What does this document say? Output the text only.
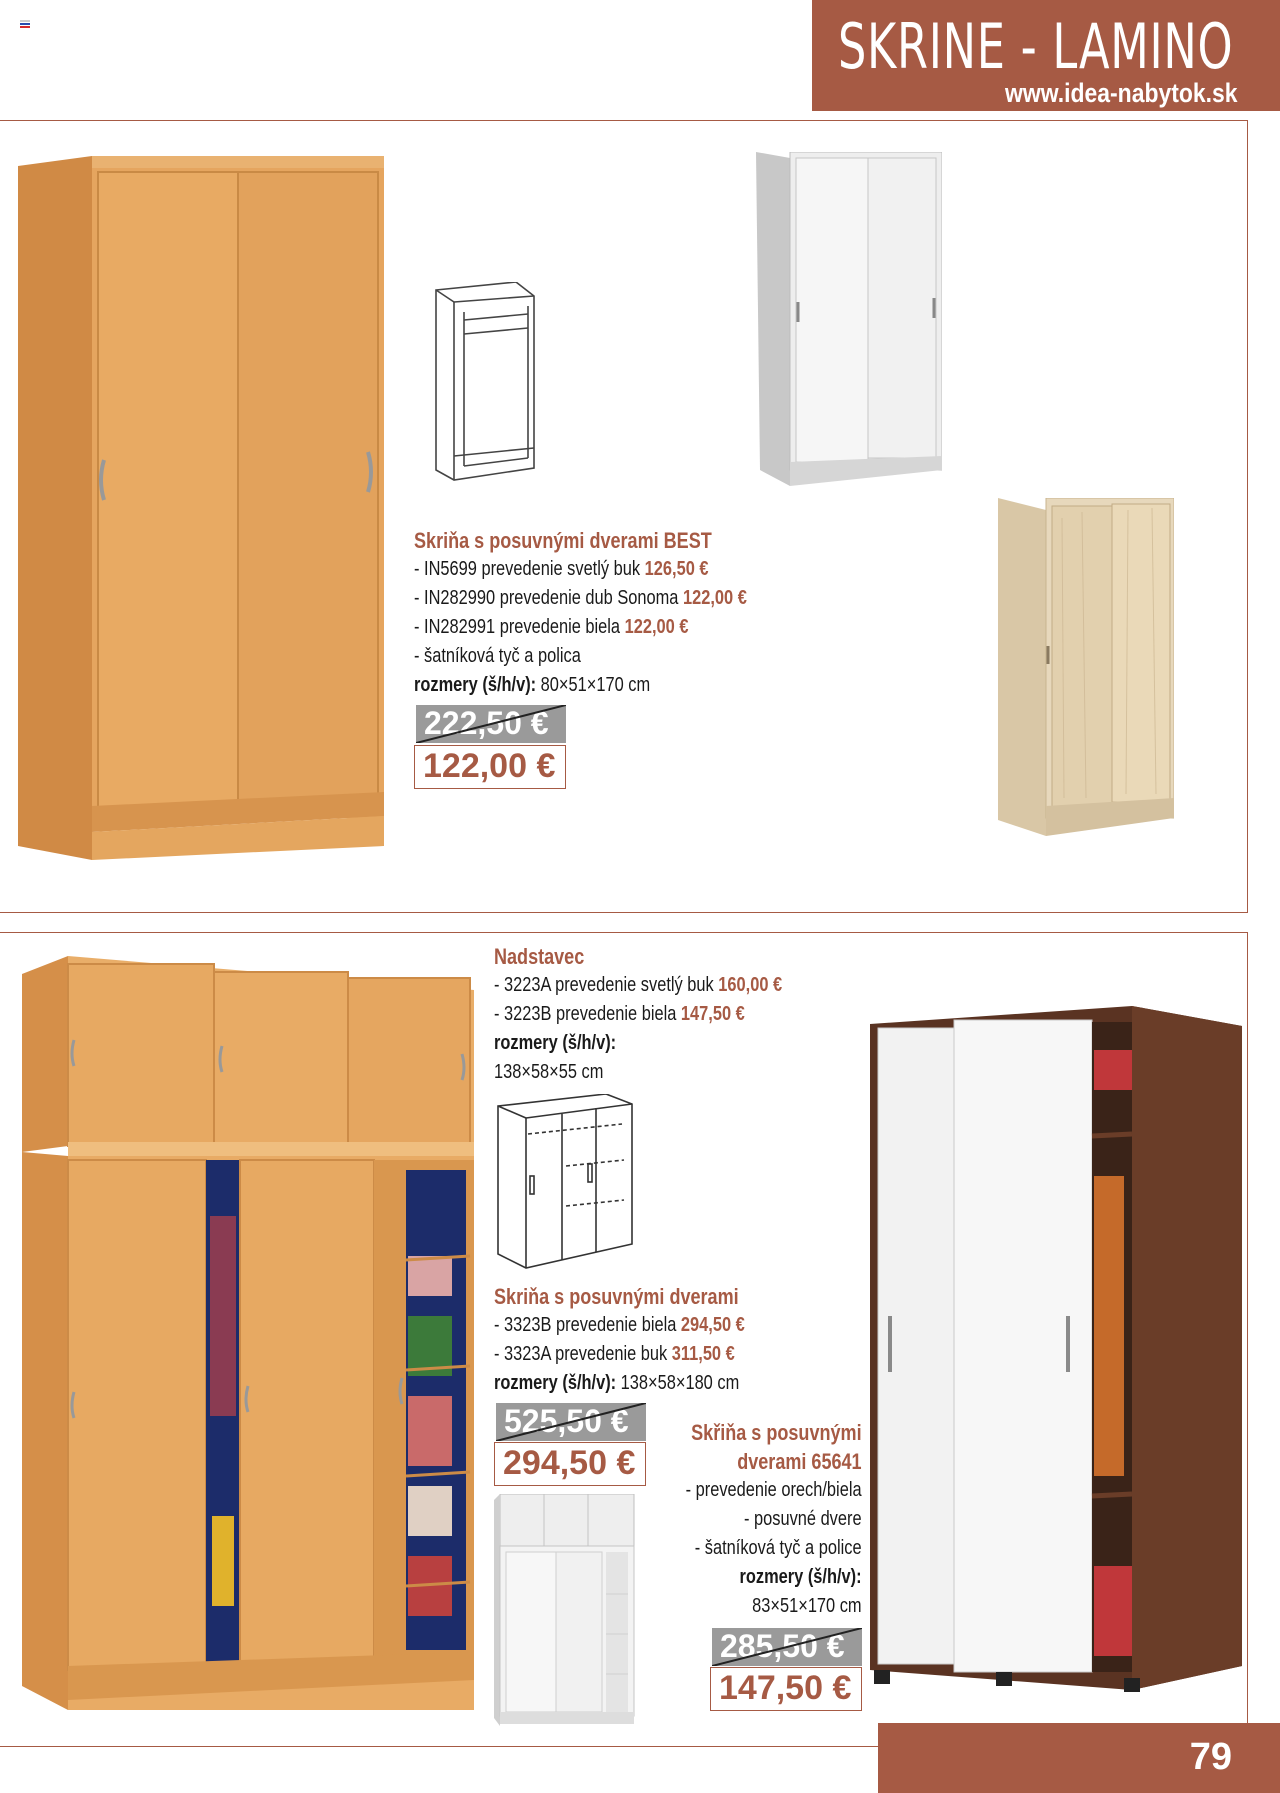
SKRINE - LAMINO
www.idea-nabytok.sk
Skriňa s posuvnými dverami BEST
- IN5699 prevedenie svetlý buk 126,50 €
- IN282990 prevedenie dub Sonoma 122,00 €
- IN282991 prevedenie biela 122,00 €
- šatníková tyč a polica
rozmery (š/h/v): 80×51×170 cm
222,50 €
122,00 €
Nadstavec
- 3223A prevedenie svetlý buk 160,00 €
- 3223B prevedenie biela 147,50 €
rozmery (š/h/v):
138×58×55 cm
Skriňa s posuvnými dverami
- 3323B prevedenie biela 294,50 €
- 3323A prevedenie buk 311,50 €
rozmery (š/h/v): 138×58×180 cm
525,50 €
294,50 €
Skřiňa s posuvnými
dverami 65641
- prevedenie orech/biela
- posuvné dvere
- šatníková tyč a police
rozmery (š/h/v):
83×51×170 cm
285,50 €
147,50 €
79
